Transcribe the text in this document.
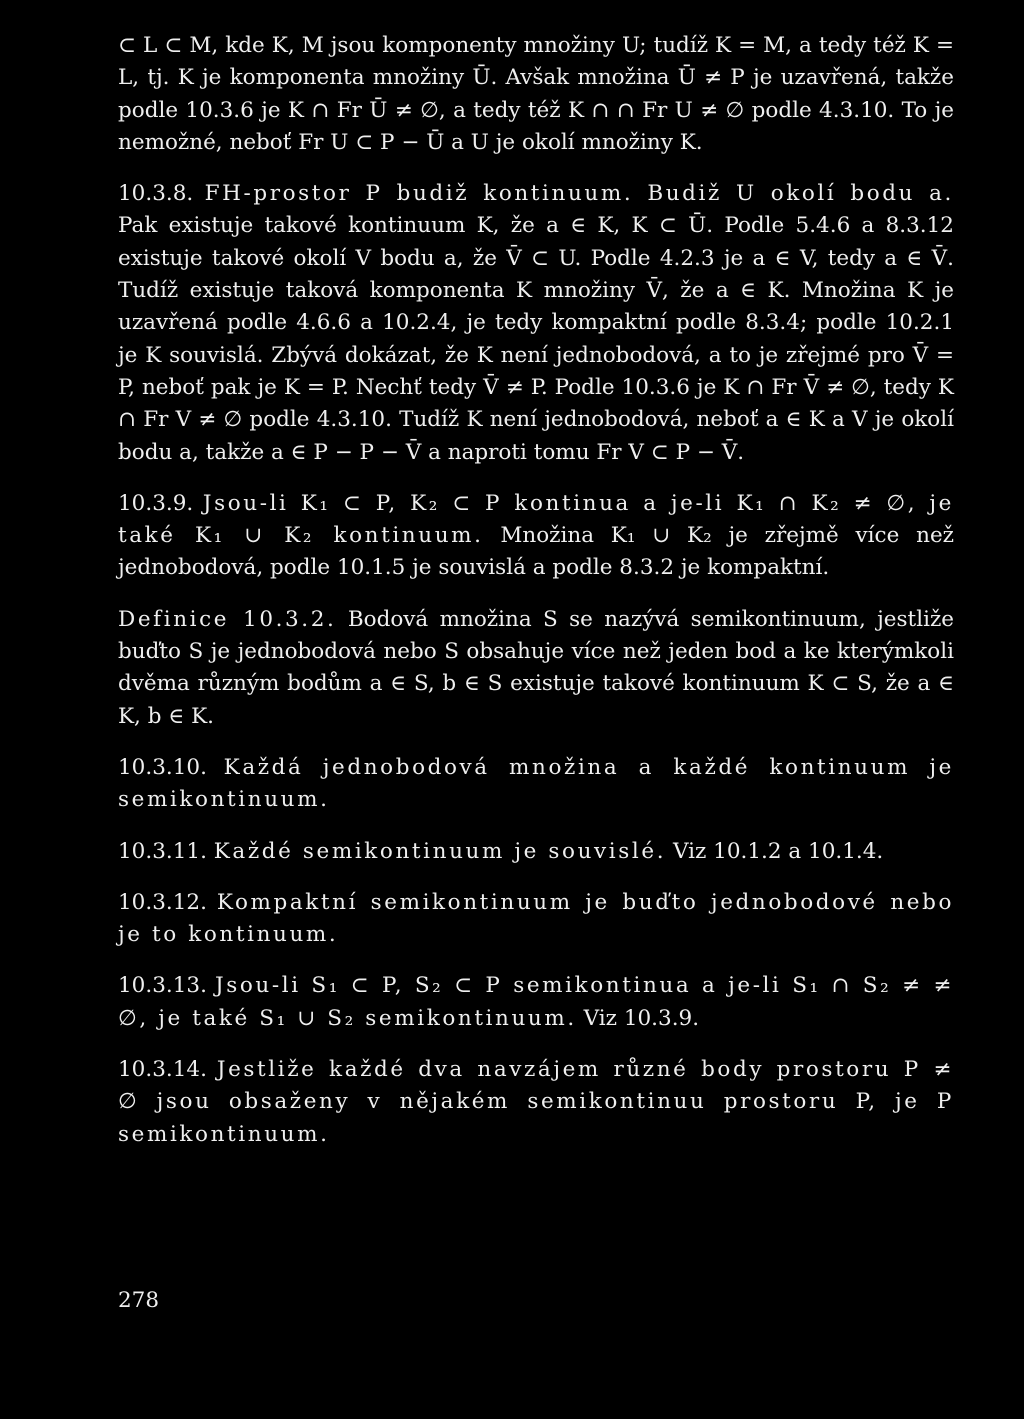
⊂ L ⊂ M, kde K, M jsou komponenty množiny U; tudíž K = M, a tedy též K = L, tj. K je komponenta množiny Ū. Avšak množina Ū ≠ P je uzavřená, takže podle 10.3.6 je K ∩ Fr Ū ≠ ∅, a tedy též K ∩ ∩ Fr U ≠ ∅ podle 4.3.10. To je nemožné, neboť Fr U ⊂ P − Ū a U je okolí množiny K.

10.3.8. FH-prostor P budiž kontinuum. Budiž U okolí bodu a. Pak existuje takové kontinuum K, že a ∈ K, K ⊂ Ū. Podle 5.4.6 a 8.3.12 existuje takové okolí V bodu a, že V̄ ⊂ U. Podle 4.2.3 je a ∈ V, tedy a ∈ V̄. Tudíž existuje taková komponenta K množiny V̄, že a ∈ K. Množina K je uzavřená podle 4.6.6 a 10.2.4, je tedy kompaktní podle 8.3.4; podle 10.2.1 je K souvislá. Zbývá dokázat, že K není jednobodová, a to je zřejmé pro V̄ = P, neboť pak je K = P. Nechť tedy V̄ ≠ P. Podle 10.3.6 je K ∩ Fr V̄ ≠ ∅, tedy K ∩ Fr V ≠ ∅ podle 4.3.10. Tudíž K není jednobodová, neboť a ∈ K a V je okolí bodu a, takže a ∈ P − P − V̄ a naproti tomu Fr V ⊂ P − V̄.

10.3.9. Jsou-li K₁ ⊂ P, K₂ ⊂ P kontinua a je-li K₁ ∩ K₂ ≠ ∅, je také K₁ ∪ K₂ kontinuum. Množina K₁ ∪ K₂ je zřejmě více než jednobodová, podle 10.1.5 je souvislá a podle 8.3.2 je kompaktní.

Definice 10.3.2. Bodová množina S se nazývá semikontinuum, jestliže buďto S je jednobodová nebo S obsahuje více než jeden bod a ke kterýmkoli dvěma různým bodům a ∈ S, b ∈ S existuje takové kontinuum K ⊂ S, že a ∈ K, b ∈ K.

10.3.10. Každá jednobodová množina a každé kontinuum je semikontinuum.

10.3.11. Každé semikontinuum je souvislé. Viz 10.1.2 a 10.1.4.

10.3.12. Kompaktní semikontinuum je buďto jednobodové nebo je to kontinuum.

10.3.13. Jsou-li S₁ ⊂ P, S₂ ⊂ P semikontinua a je-li S₁ ∩ S₂ ≠ ≠ ∅, je také S₁ ∪ S₂ semikontinuum. Viz 10.3.9.

10.3.14. Jestliže každé dva navzájem různé body prostoru P ≠ ∅ jsou obsaženy v nějakém semikontinuu prostoru P, je P semikontinuum.

278
